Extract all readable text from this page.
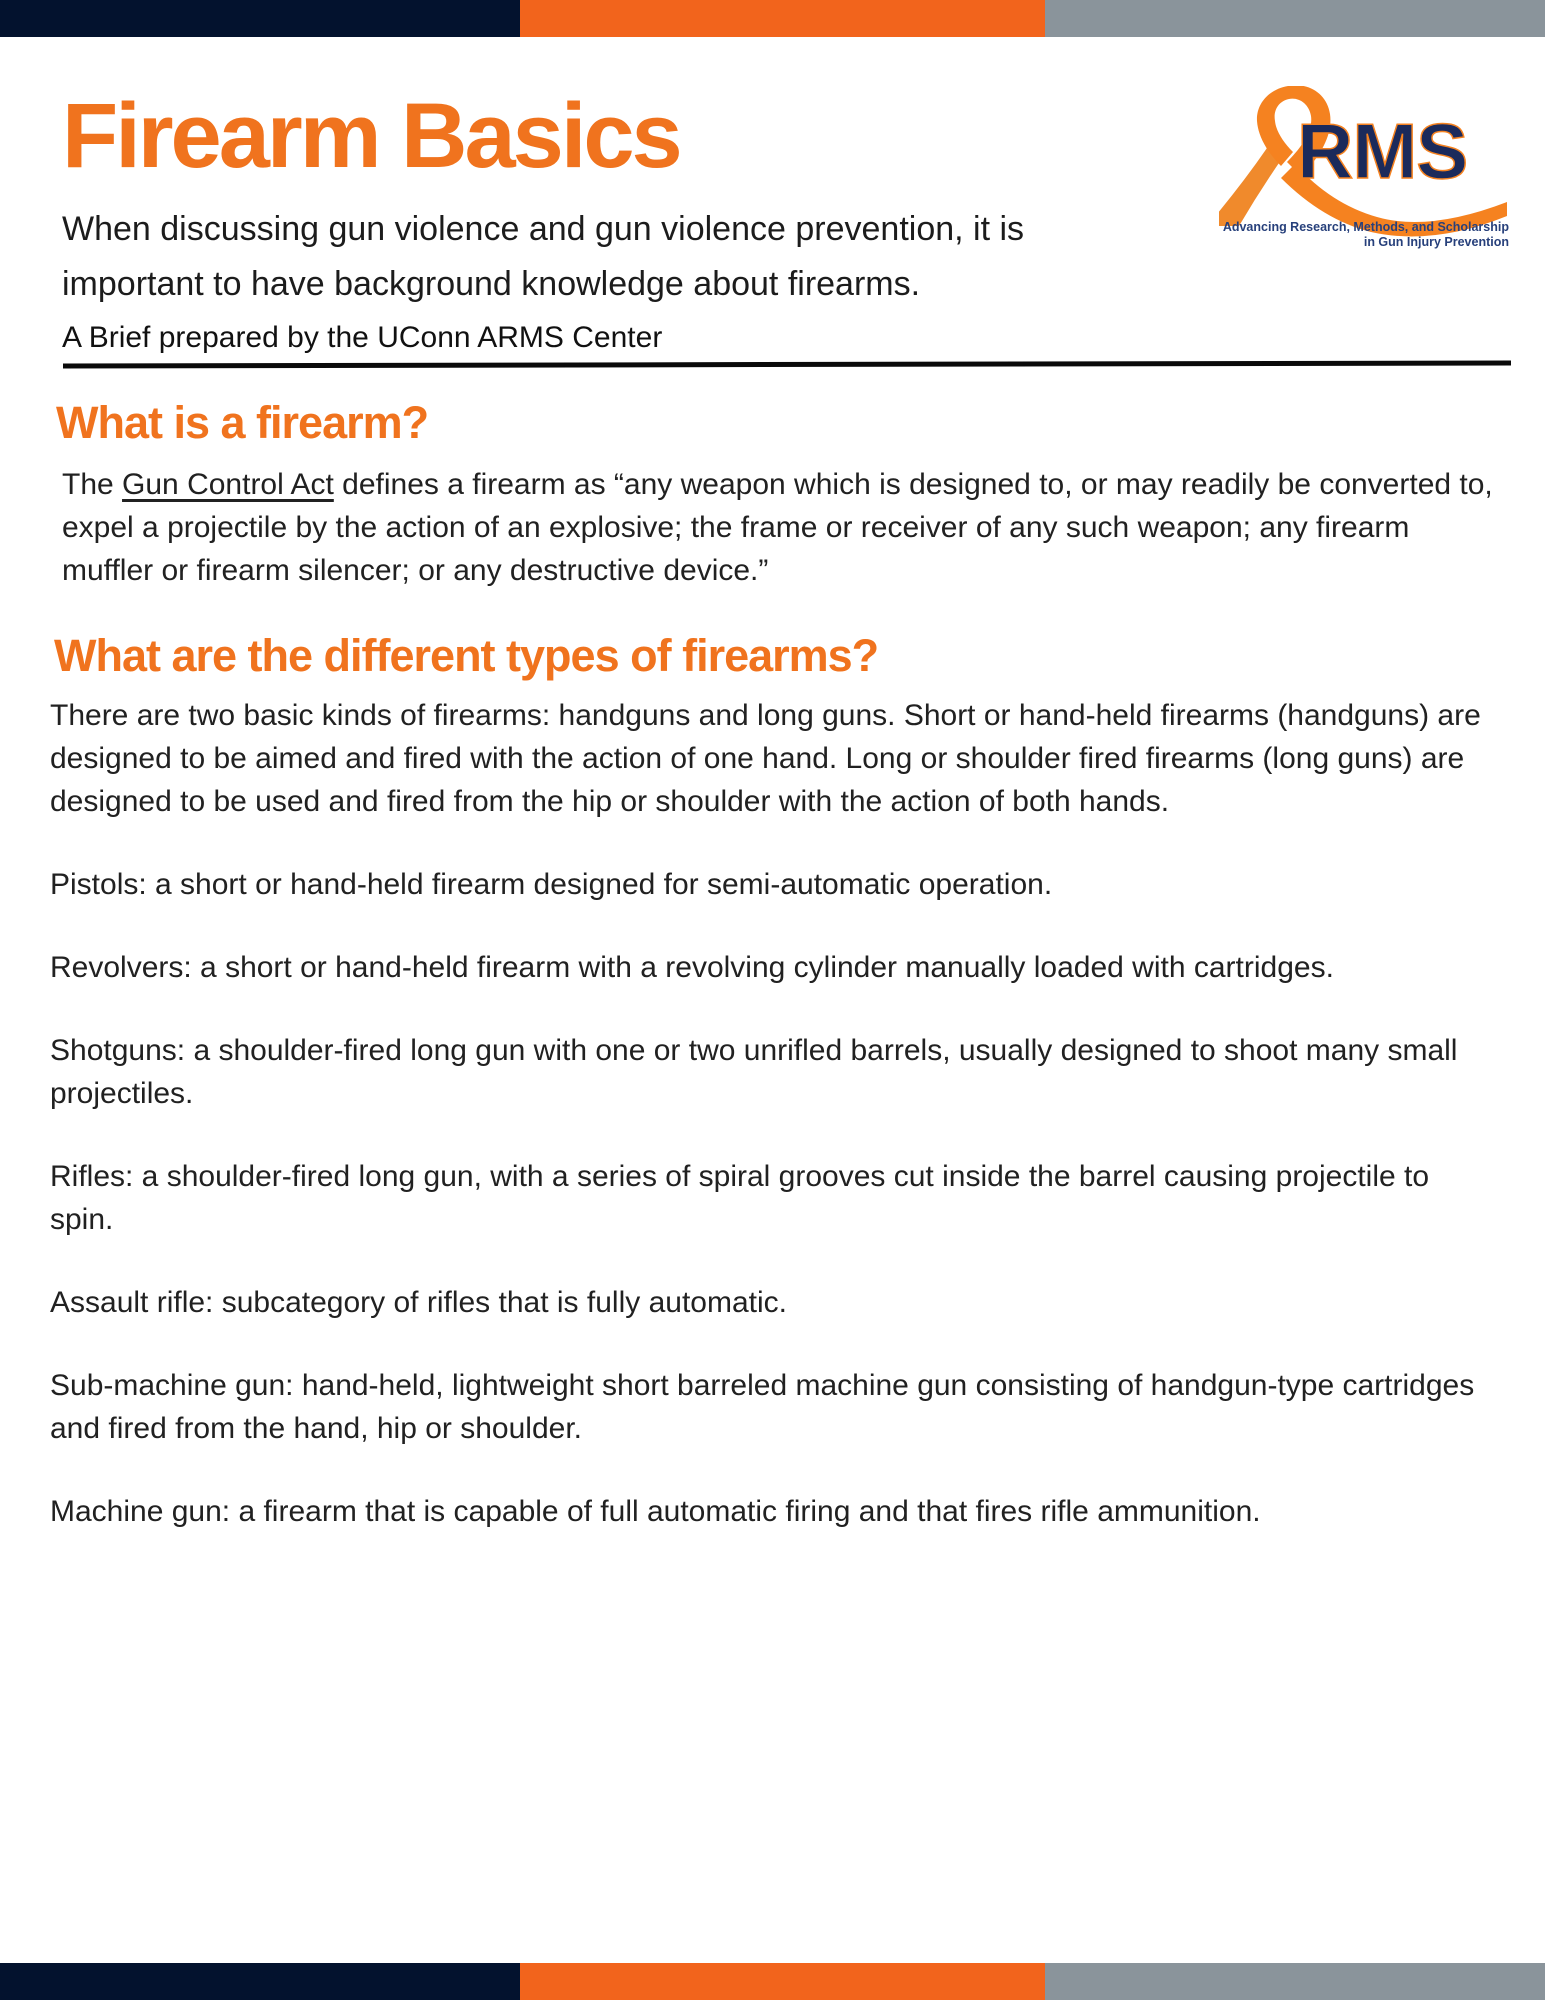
RMS
Advancing Research, Methods, and Scholarship
in Gun Injury Prevention
Firearm Basics
When discussing gun violence and gun violence prevention, it is important to have background knowledge about firearms.
A Brief prepared by the UConn ARMS Center
What is a firearm?

The Gun Control Act defines a firearm as “any weapon which is designed to, or may readily be converted to, expel a projectile by the action of an explosive; the frame or receiver of any such weapon; any firearm muffler or firearm silencer; or any destructive device.”

What are the different types of firearms?

There are two basic kinds of firearms: handguns and long guns. Short or hand-held firearms (handguns) are designed to be aimed and fired with the action of one hand. Long or shoulder fired firearms (long guns) are designed to be used and fired from the hip or shoulder with the action of both hands.

Pistols: a short or hand-held firearm designed for semi-automatic operation.

Revolvers: a short or hand-held firearm with a revolving cylinder manually loaded with cartridges.

Shotguns: a shoulder-fired long gun with one or two unrifled barrels, usually designed to shoot many small projectiles.

Rifles: a shoulder-fired long gun, with a series of spiral grooves cut inside the barrel causing projectile to spin.

Assault rifle: subcategory of rifles that is fully automatic.

Sub-machine gun: hand-held, lightweight short barreled machine gun consisting of handgun-type cartridges and fired from the hand, hip or shoulder.

Machine gun: a firearm that is capable of full automatic firing and that fires rifle ammunition.
